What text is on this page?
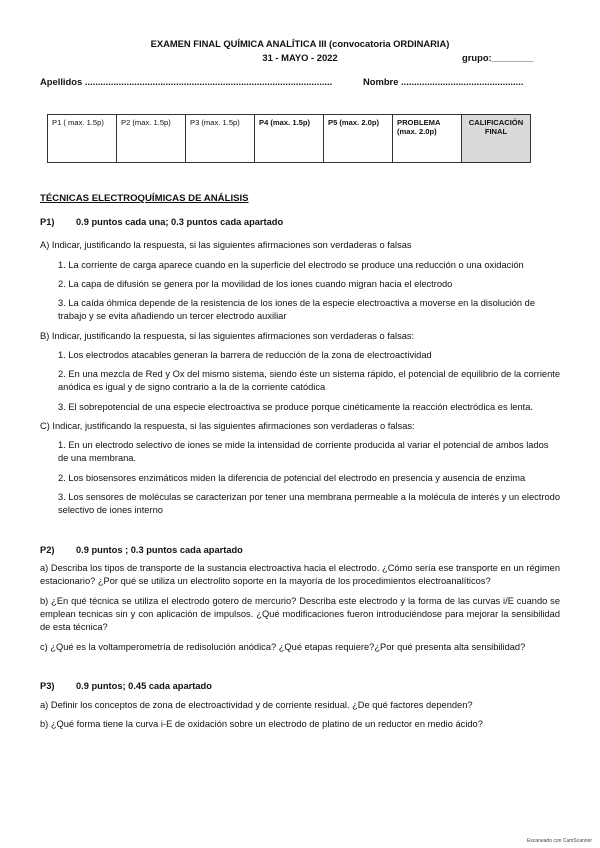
EXAMEN FINAL QUÍMICA ANALÍTICA III (convocatoria ORDINARIA)
31 - MAYO - 2022	grupo:________
Apellidos ...............................................................................................	Nombre ...............................................
P1 ( max. 1.5p)	P2 (max. 1.5p)	P3 (max. 1.5p)	P4 (max. 1.5p)	P5 (max. 2.0p)	PROBLEMA (max. 2.0p)	CALIFICACIÓN FINAL
TÉCNICAS ELECTROQUÍMICAS DE ANÁLISIS
P1) 0.9 puntos cada una; 0.3 puntos cada apartado
A) Indicar, justificando la respuesta, si las siguientes afirmaciones son verdaderas o falsas
1. La corriente de carga aparece cuando en la superficie del electrodo se produce una reducción o una oxidación
2. La capa de difusión se genera por la movilidad de los iones cuando migran hacia el electrodo
3. La caída óhmica depende de la resistencia de los iones de la especie electroactiva a moverse en la disolución de trabajo y se evita añadiendo un tercer electrodo auxiliar
B) Indicar, justificando la respuesta, si las siguientes afirmaciones son verdaderas o falsas:
1. Los electrodos atacables generan la barrera de reducción de la zona de electroactividad
2. En una mezcla de Red y Ox del mismo sistema, siendo éste un sistema rápido, el potencial de equilibrio de la corriente anódica es igual y de signo contrario a la de la corriente catódica
3. El sobrepotencial de una especie electroactiva se produce porque cinéticamente la reacción electródica es lenta.
C) Indicar, justificando la respuesta, si las siguientes afirmaciones son verdaderas o falsas:
1. En un electrodo selectivo de iones se mide la intensidad de corriente producida al variar el potencial de ambos lados de una membrana.
2. Los biosensores enzimáticos miden la diferencia de potencial del electrodo en presencia y ausencia de enzima
3. Los sensores de moléculas se caracterizan por tener una membrana permeable a la molécula de interés y un electrodo selectivo de iones interno
P2) 0.9 puntos ; 0.3 puntos cada apartado
a) Describa los tipos de transporte de la sustancia electroactiva hacia el electrodo. ¿Cómo sería ese transporte en un régimen estacionario? ¿Por qué se utiliza un electrolito soporte en la mayoría de los procedimientos electroanalíticos?
b) ¿En qué técnica se utiliza el electrodo gotero de mercurio? Describa este electrodo y la forma de las curvas i/E cuando se emplean tecnicas sin y con aplicación de impulsos. ¿Qué modificaciones fueron introduciéndose para mejorar la sensibilidad de esta técnica?
c) ¿Qué es la voltamperometría de redisolución anódica? ¿Qué etapas requiere?¿Por qué presenta alta sensibilidad?
P3) 0.9 puntos; 0.45 cada apartado
a) Definir los conceptos de zona de electroactividad y de corriente residual. ¿De qué factores dependen?
b) ¿Qué forma tiene la curva i-E de oxidación sobre un electrodo de platino de un reductor en medio ácido?
Escaneado con CamScanner
